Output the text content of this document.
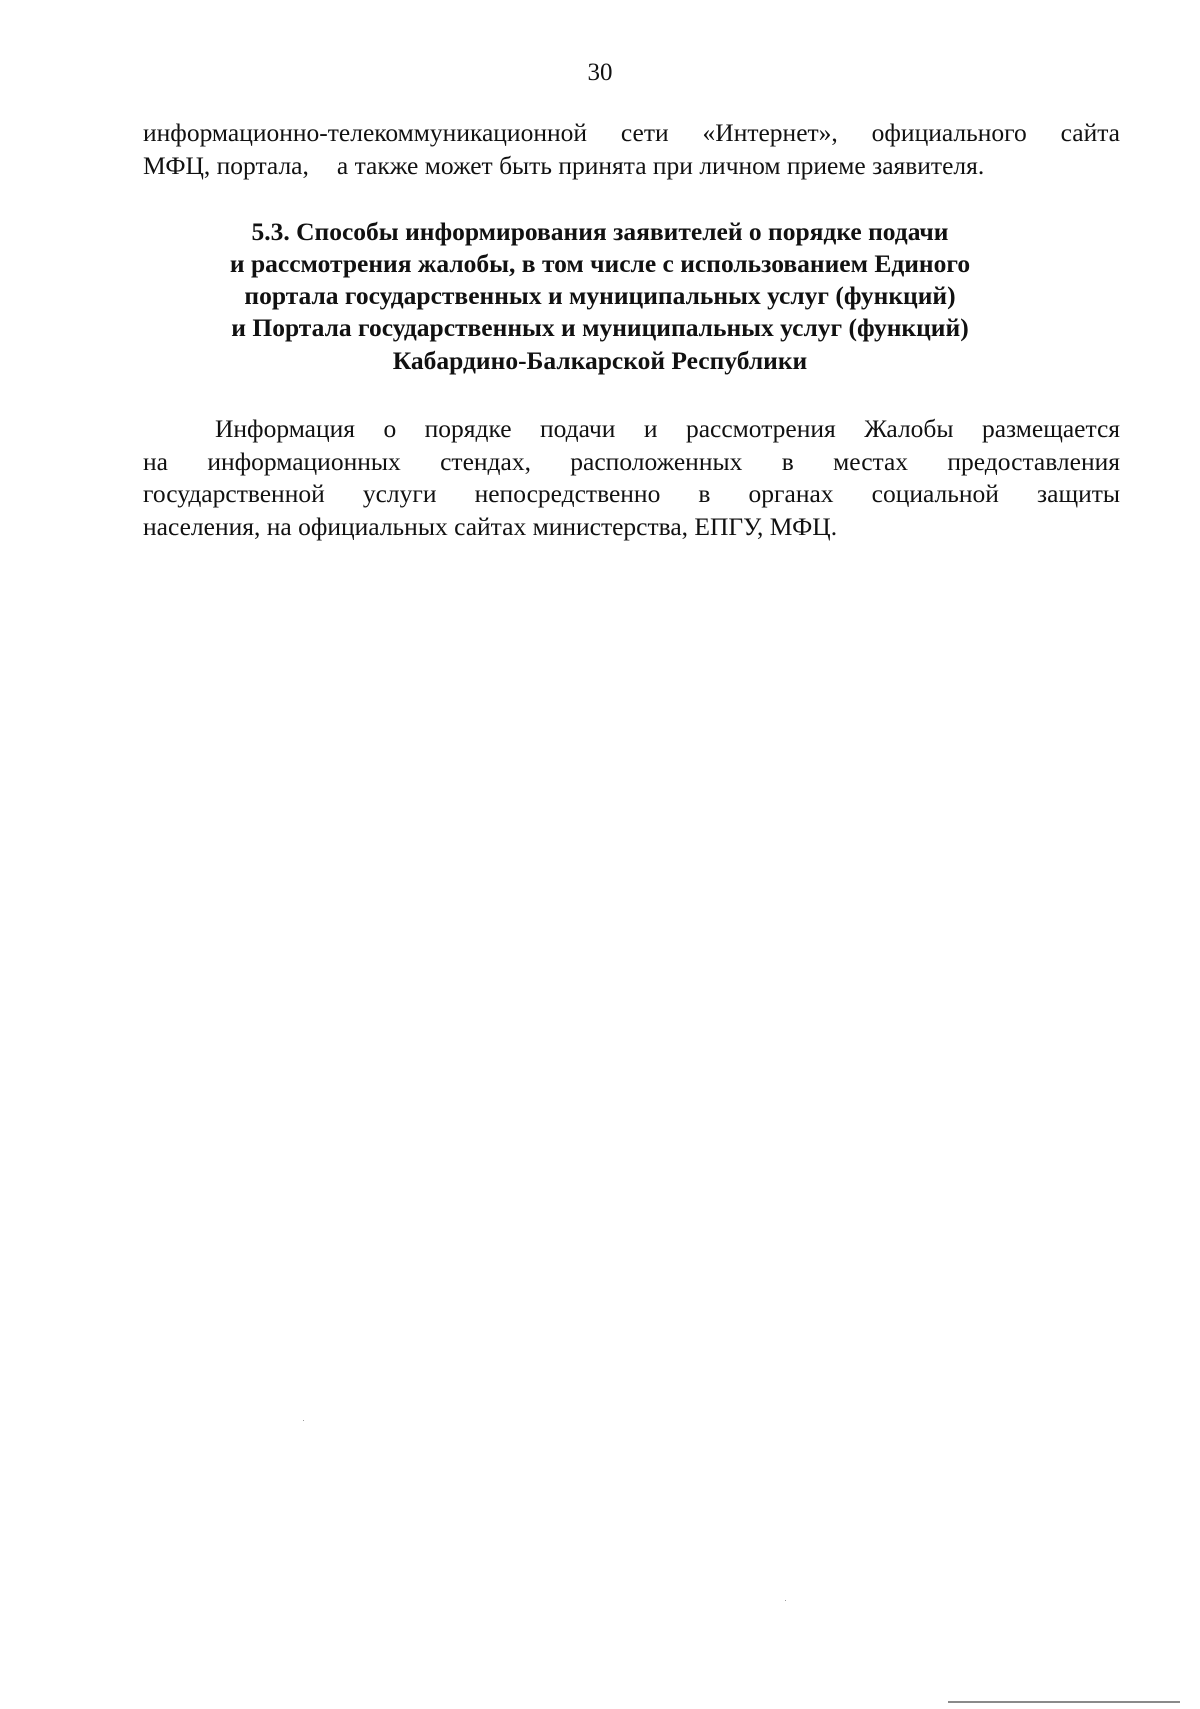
30
информационно-телекоммуникационной сети «Интернет», официального сайта
МФЦ, портала, а также может быть принята при личном приеме заявителя.
5.3. Способы информирования заявителей о порядке подачи
и рассмотрения жалобы, в том числе с использованием Единого
портала государственных и муниципальных услуг (функций)
и Портала государственных и муниципальных услуг (функций)
Кабардино-Балкарской Республики
Информация о порядке подачи и рассмотрения Жалобы размещается
на информационных стендах, расположенных в местах предоставления
государственной услуги непосредственно в органах социальной защиты
населения, на официальных сайтах министерства, ЕПГУ, МФЦ.
